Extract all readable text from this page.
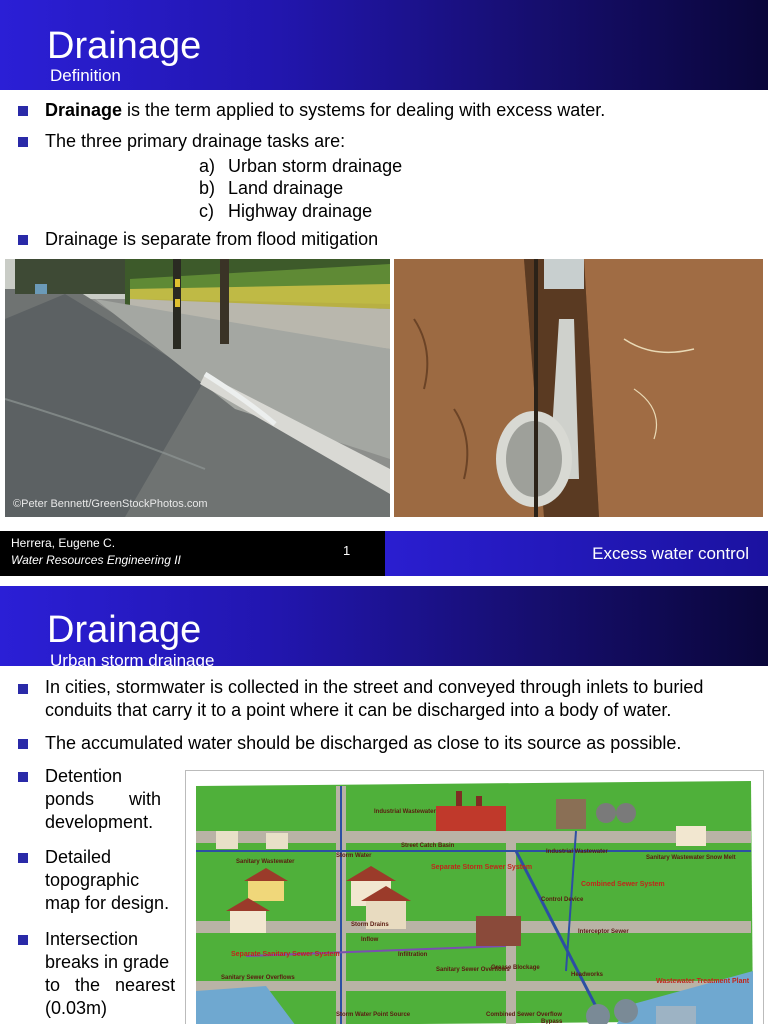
Drainage
Definition
Drainage is the term applied to systems for dealing with excess water.
The three primary drainage tasks are:
a) Urban storm drainage
b) Land drainage
c) Highway drainage
Drainage is separate from flood mitigation
©Peter Bennett/GreenStockPhotos.com
Herrera, Eugene C.
Water Resources Engineering II
1	Excess water control
Drainage
Urban storm drainage
In cities, stormwater is collected in the street and conveyed through inlets to buried
conduits that carry it to a point where it can be discharged into a body of water.
The accumulated water should be discharged as close to its source as possible.
Detention
ponds       with
development.
Detailed
topographic
map for design.
Intersection
breaks in grade
to   the   nearest
(0.03m)
Industrial Wastewater
Storm Water
Street Catch Basin
Separate Storm Sewer System
Industrial Wastewater
Sanitary Wastewater
Snow Melt
Sanitary Wastewater
Combined Sewer System
Control Device
Storm Drains
Interceptor Sewer
Separate Sanitary Sewer System
Inflow
Infiltration
Sanitary Sewer Overflows
Grease Blockage
Headworks
Wastewater Treatment Plant
Sanitary Sewer Overflows
Storm Water Point Source	Combined Sewer Overflow
Bypass
